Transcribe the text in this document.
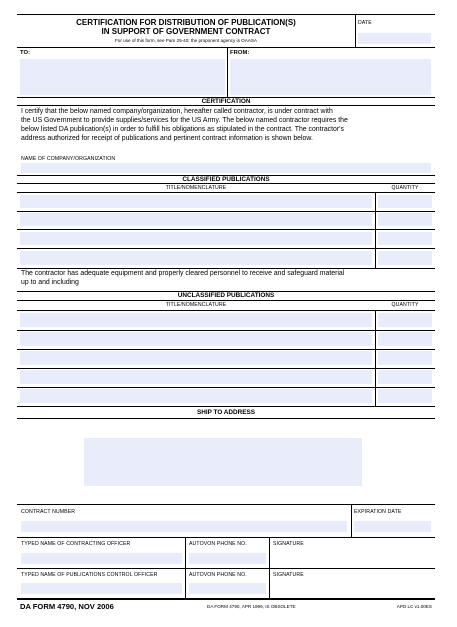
CERTIFICATION FOR DISTRIBUTION OF PUBLICATION(S)
IN SUPPORT OF GOVERNMENT CONTRACT
For use of this form, see Pam 25-40; the proponent agency is OAASA
DATE
TO:	FROM:
CERTIFICATION
I certify that the below named company/organization, hereafter called contractor, is under contract with
the US Government to provide supplies/services for the US Army. The below named contractor requires the
below listed DA publication(s) in order to fulfill his obligations as stipulated in the contract. The contractor's
address authorized for receipt of publications and pertinent contract information is shown below.
NAME OF COMPANY/ORGANIZATION
CLASSIFIED PUBLICATIONS
TITLE/NOMENCLATURE	QUANTITY
The contractor has adequate equipment and properly cleared personnel to receive and safeguard material
up to and including
UNCLASSIFIED PUBLICATIONS
TITLE/NOMENCLATURE	QUANTITY
SHIP TO ADDRESS
CONTRACT NUMBER	EXPIRATION DATE
TYPED NAME OF CONTRACTING OFFICER	AUTOVON PHONE NO.	SIGNATURE
TYPED NAME OF PUBLICATIONS CONTROL OFFICER	AUTOVON PHONE NO.	SIGNATURE
DA FORM 4790, NOV 2006	DA FORM 4790, APR 1999, IS OBSOLETE	APD LC v1.00ES
